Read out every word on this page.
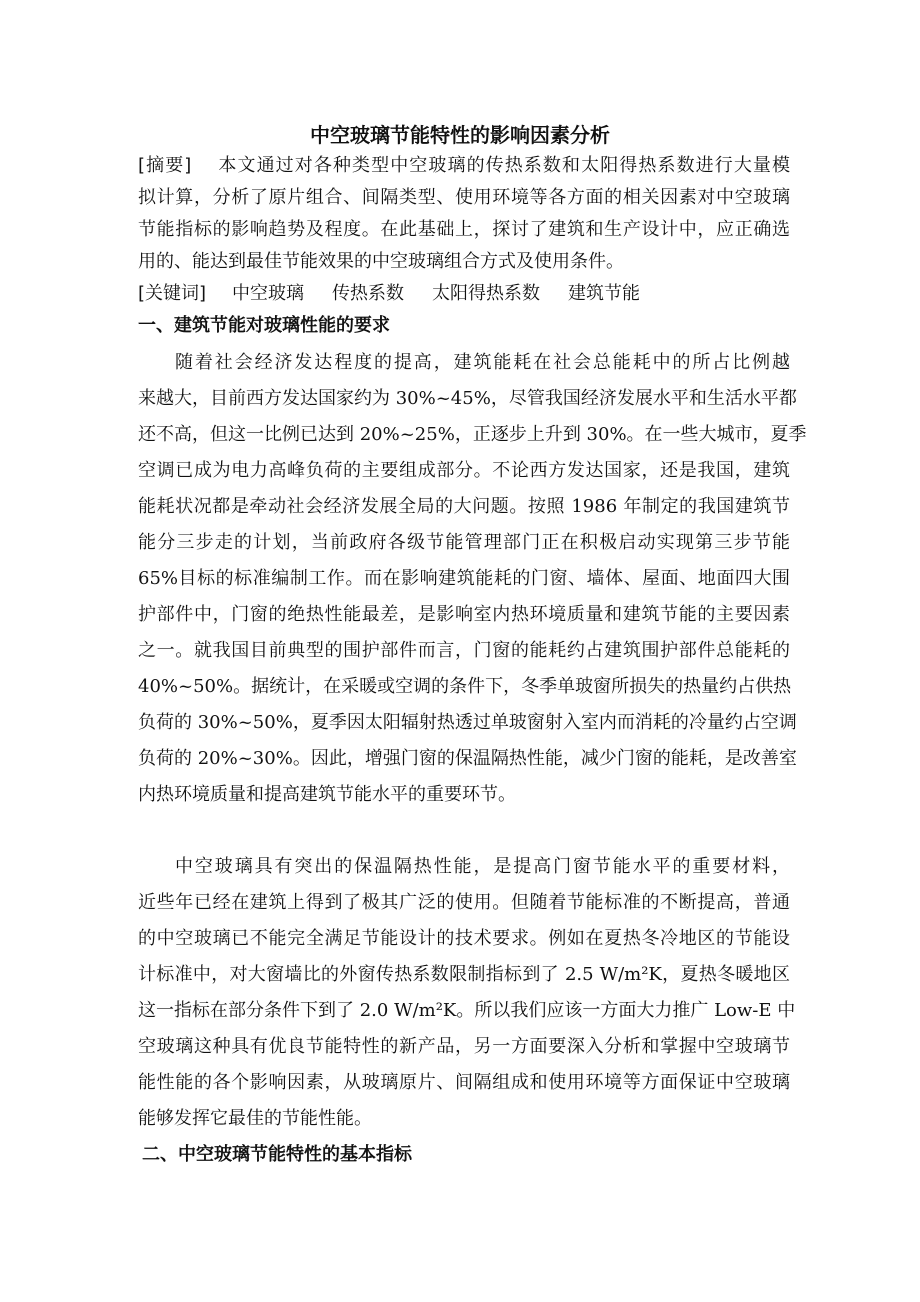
中空玻璃节能特性的影响因素分析
[摘要] 本文通过对各种类型中空玻璃的传热系数和太阳得热系数进行大量模
拟计算，分析了原片组合、间隔类型、使用环境等各方面的相关因素对中空玻璃
节能指标的影响趋势及程度。在此基础上，探讨了建筑和生产设计中，应正确选
用的、能达到最佳节能效果的中空玻璃组合方式及使用条件。
[关键词] 中空玻璃 传热系数 太阳得热系数 建筑节能
一、建筑节能对玻璃性能的要求
随着社会经济发达程度的提高，建筑能耗在社会总能耗中的所占比例越
来越大，目前西方发达国家约为 30%~45%，尽管我国经济发展水平和生活水平都
还不高，但这一比例已达到 20%~25%，正逐步上升到 30%。在一些大城市，夏季
空调已成为电力高峰负荷的主要组成部分。不论西方发达国家，还是我国，建筑
能耗状况都是牵动社会经济发展全局的大问题。按照 1986 年制定的我国建筑节
能分三步走的计划，当前政府各级节能管理部门正在积极启动实现第三步节能
65%目标的标准编制工作。而在影响建筑能耗的门窗、墙体、屋面、地面四大围
护部件中，门窗的绝热性能最差，是影响室内热环境质量和建筑节能的主要因素
之一。就我国目前典型的围护部件而言，门窗的能耗约占建筑围护部件总能耗的
40%~50%。据统计，在采暖或空调的条件下，冬季单玻窗所损失的热量约占供热
负荷的 30%~50%，夏季因太阳辐射热透过单玻窗射入室内而消耗的冷量约占空调
负荷的 20%~30%。因此，增强门窗的保温隔热性能，减少门窗的能耗，是改善室
内热环境质量和提高建筑节能水平的重要环节。
中空玻璃具有突出的保温隔热性能，是提高门窗节能水平的重要材料，
近些年已经在建筑上得到了极其广泛的使用。但随着节能标准的不断提高，普通
的中空玻璃已不能完全满足节能设计的技术要求。例如在夏热冬冷地区的节能设
计标准中，对大窗墙比的外窗传热系数限制指标到了 2.5 W/m²K，夏热冬暖地区
这一指标在部分条件下到了 2.0 W/m²K。所以我们应该一方面大力推广 Low-E 中
空玻璃这种具有优良节能特性的新产品，另一方面要深入分析和掌握中空玻璃节
能性能的各个影响因素，从玻璃原片、间隔组成和使用环境等方面保证中空玻璃
能够发挥它最佳的节能性能。
二、中空玻璃节能特性的基本指标
